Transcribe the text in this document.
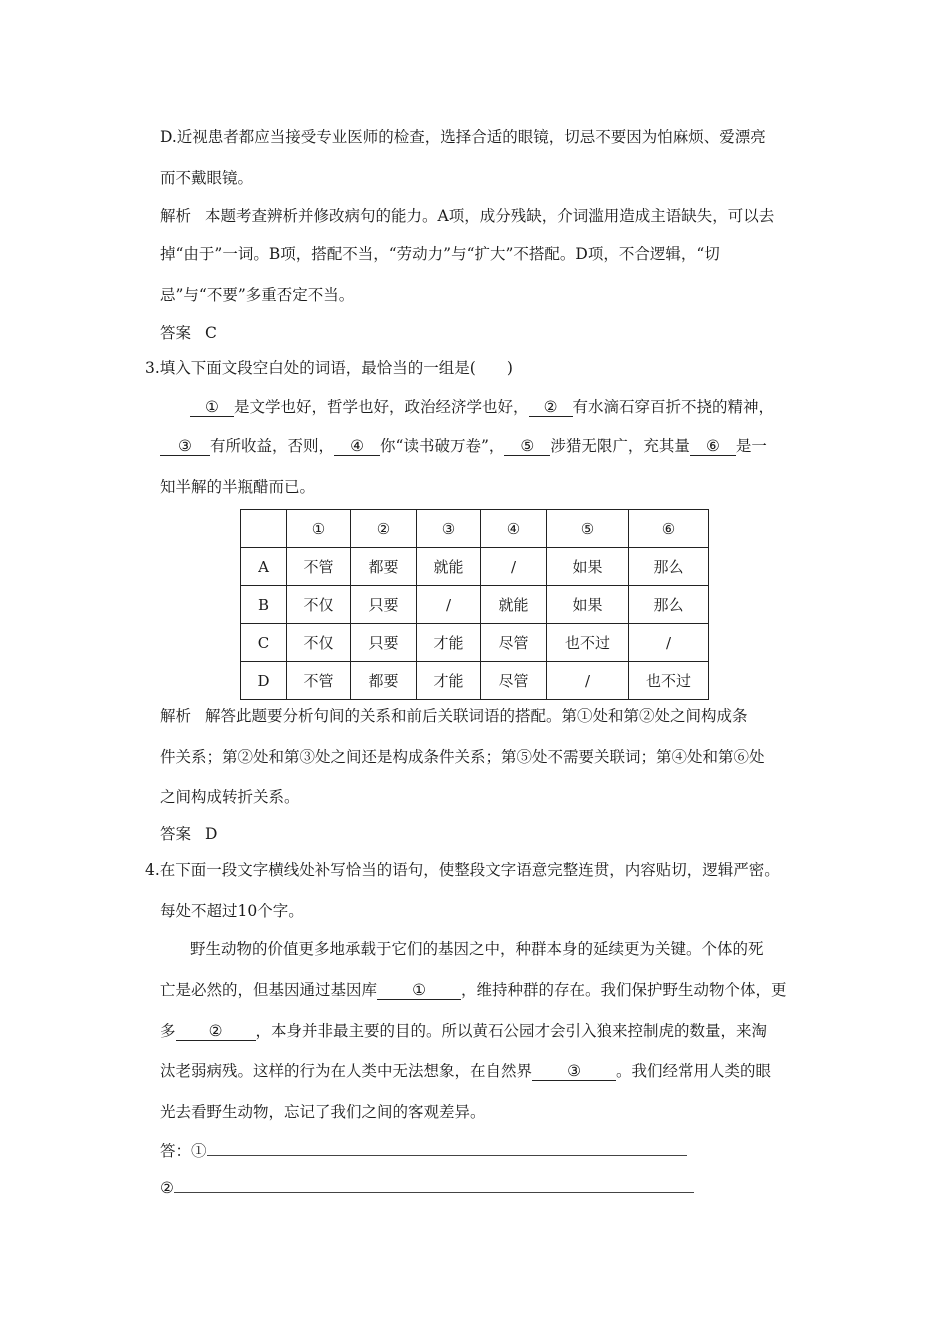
D.近视患者都应当接受专业医师的检查，选择合适的眼镜，切忌不要因为怕麻烦、爱漂亮
而不戴眼镜。
解析 本题考查辨析并修改病句的能力。A项，成分残缺，介词滥用造成主语缺失，可以去
掉“由于”一词。B项，搭配不当，“劳动力”与“扩大”不搭配。D项，不合逻辑，“切
忌”与“不要”多重否定不当。
答案 C
3.填入下面文段空白处的词语，最恰当的一组是(　　)
① 是文学也好，哲学也好，政治经济学也好， ② 有水滴石穿百折不挠的精神，
③ 有所收益，否则， ④ 你“读书破万卷”， ⑤ 涉猎无限广，充其量 ⑥ 是一
知半解的半瓶醋而已。
	①	②	③	④	⑤	⑥
A	不管	都要	就能	/	如果	那么
B	不仅	只要	/	就能	如果	那么
C	不仅	只要	才能	尽管	也不过	/
D	不管	都要	才能	尽管	/	也不过
解析 解答此题要分析句间的关系和前后关联词语的搭配。第①处和第②处之间构成条
件关系；第②处和第③处之间还是构成条件关系；第⑤处不需要关联词；第④处和第⑥处
之间构成转折关系。
答案 D
4.在下面一段文字横线处补写恰当的语句，使整段文字语意完整连贯，内容贴切，逻辑严密。
每处不超过10个字。
野生动物的价值更多地承载于它们的基因之中，种群本身的延续更为关键。个体的死
亡是必然的，但基因通过基因库 ① ，维持种群的存在。我们保护野生动物个体，更
多 ② ，本身并非最主要的目的。所以黄石公园才会引入狼来控制虎的数量，来淘
汰老弱病残。这样的行为在人类中无法想象，在自然界 ③ 。我们经常用人类的眼
光去看野生动物，忘记了我们之间的客观差异。
答：①
②
